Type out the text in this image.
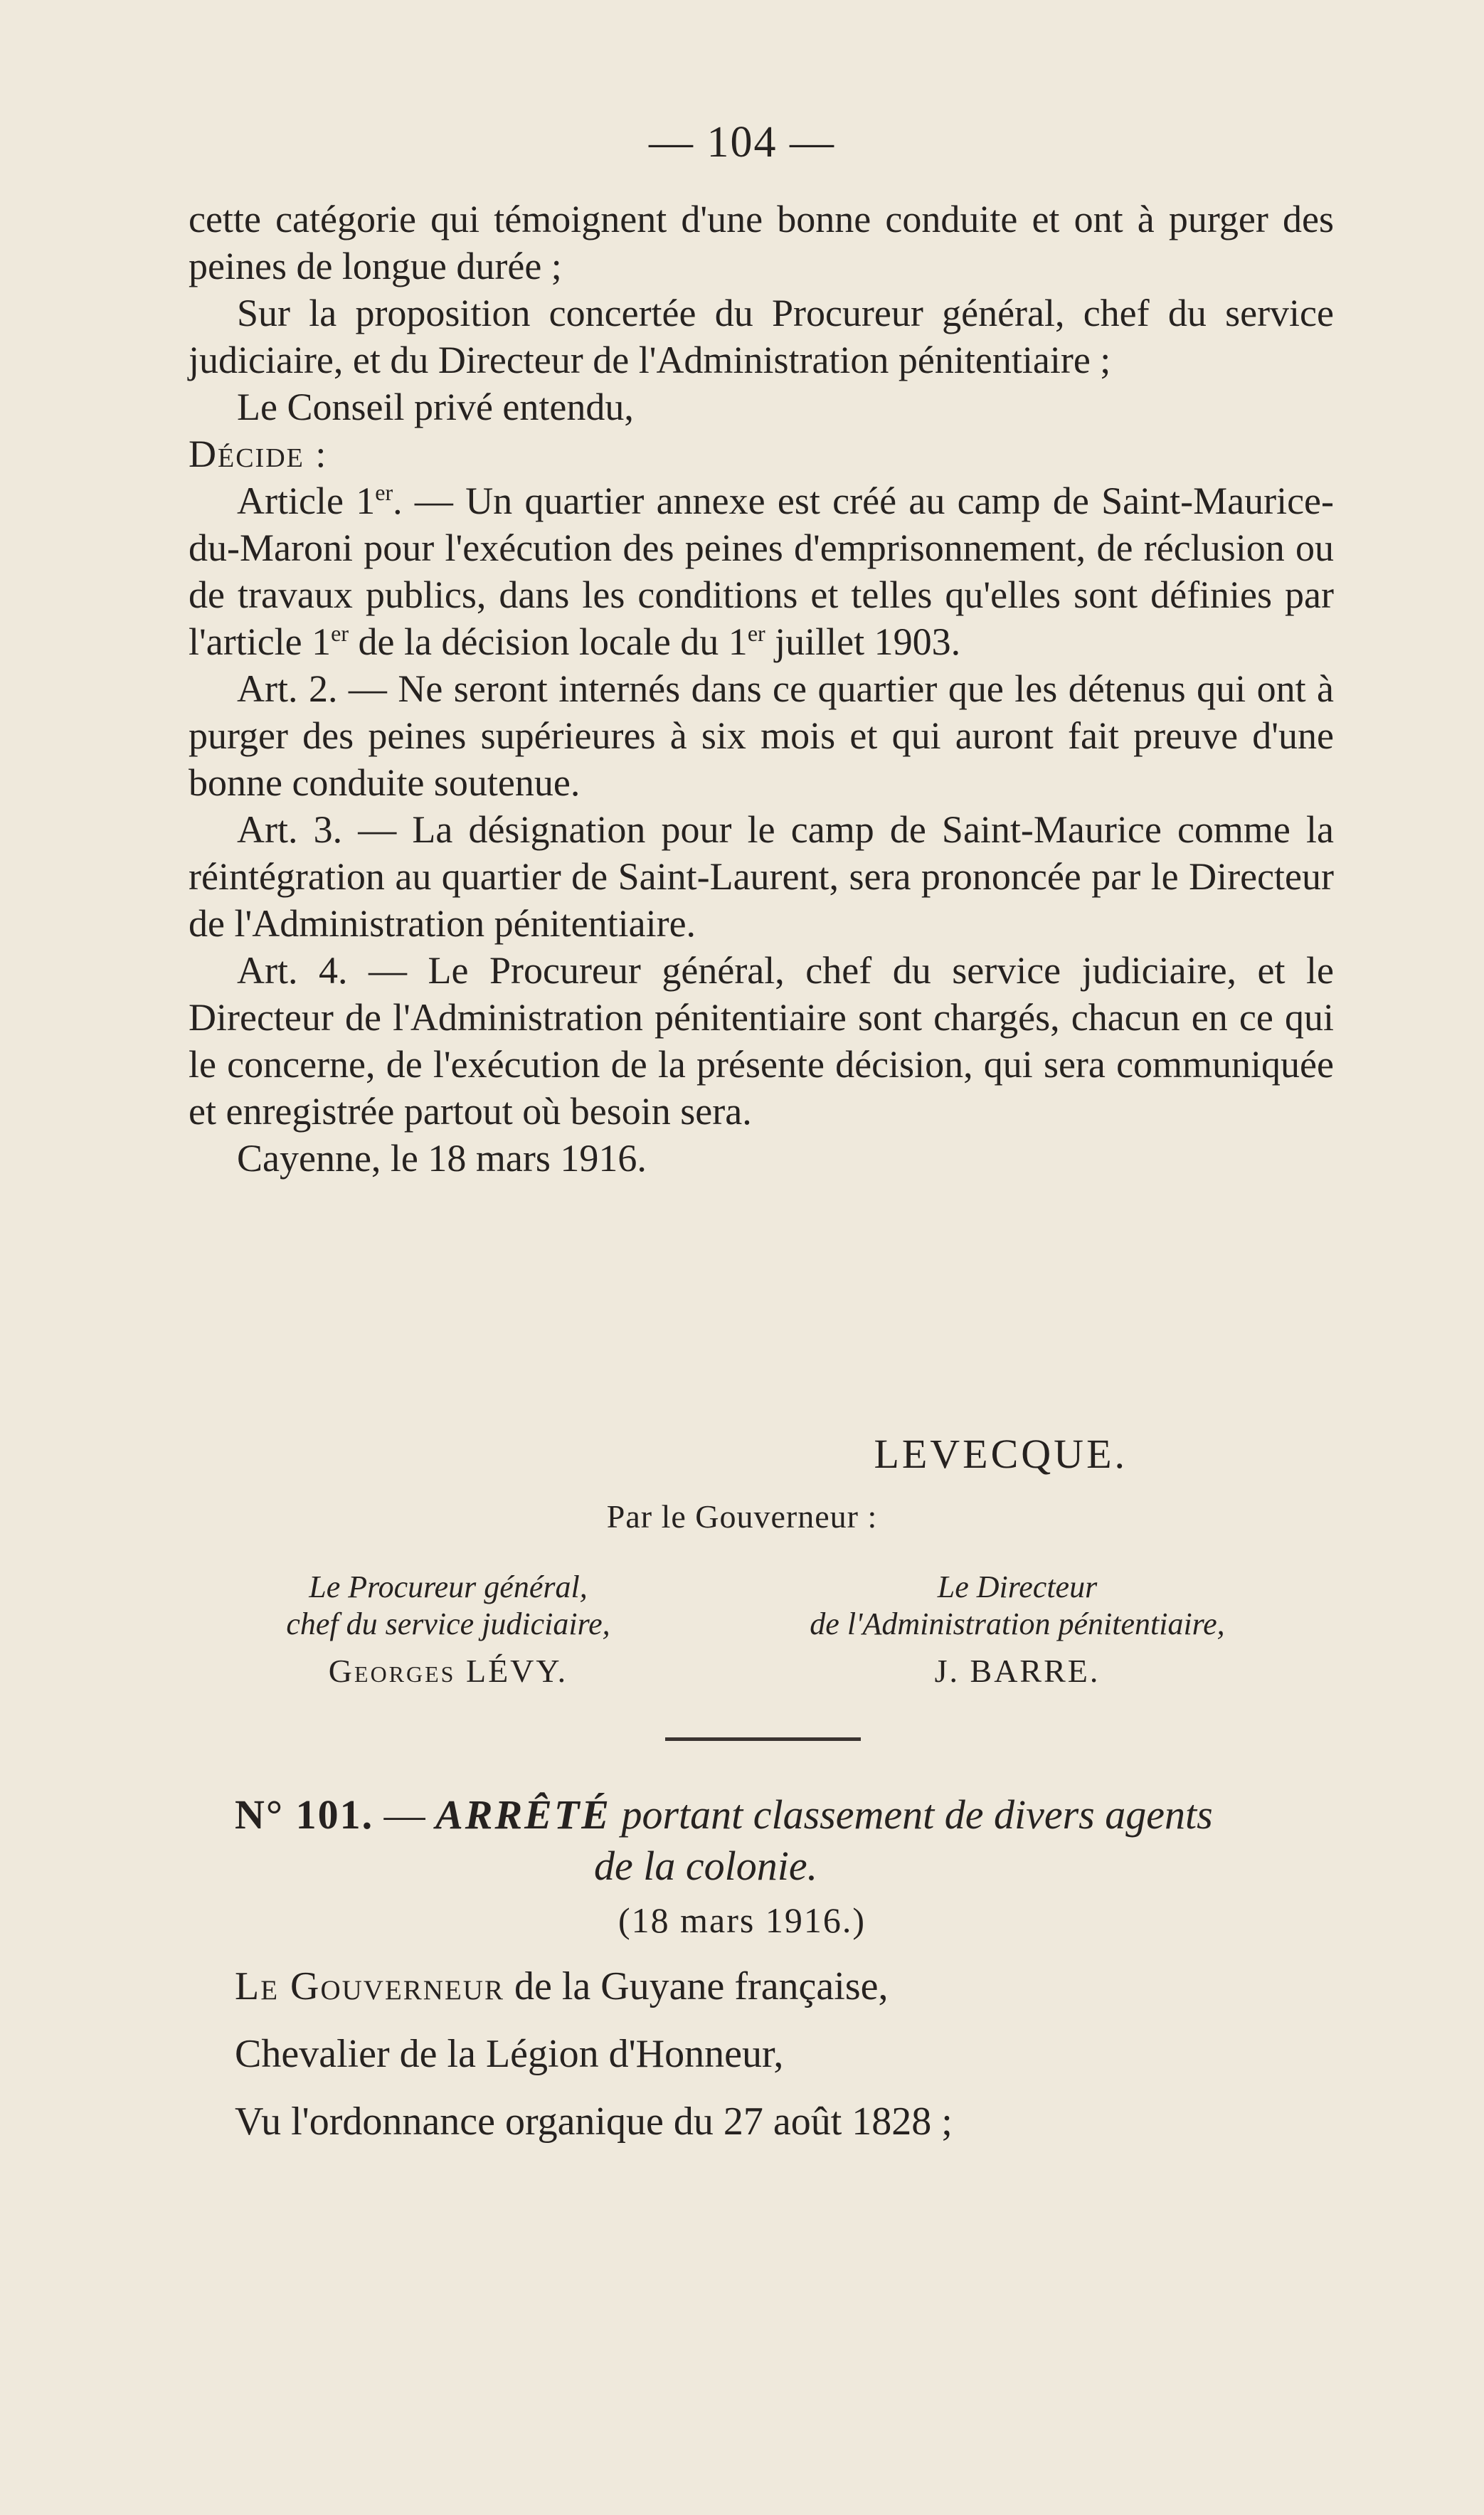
— 104 —

cette catégorie qui témoignent d'une bonne conduite et ont à purger des peines de longue durée ;

Sur la proposition concertée du Procureur général, chef du service judiciaire, et du Directeur de l'Administration pénitentiaire ;

Le Conseil privé entendu,

Décide :

Article 1er. — Un quartier annexe est créé au camp de Saint-Maurice-du-Maroni pour l'exécution des peines d'emprisonnement, de réclusion ou de travaux publics, dans les conditions et telles qu'elles sont définies par l'article 1er de la décision locale du 1er juillet 1903.

Art. 2. — Ne seront internés dans ce quartier que les détenus qui ont à purger des peines supérieures à six mois et qui auront fait preuve d'une bonne conduite soutenue.

Art. 3. — La désignation pour le camp de Saint-Maurice comme la réintégration au quartier de Saint-Laurent, sera prononcée par le Directeur de l'Administration pénitentiaire.

Art. 4. — Le Procureur général, chef du service judiciaire, et le Directeur de l'Administration pénitentiaire sont chargés, chacun en ce qui le concerne, de l'exécution de la présente décision, qui sera communiquée et enregistrée partout où besoin sera.

Cayenne, le 18 mars 1916.

LEVECQUE.
Par le Gouverneur :
Le Procureur général,
chef du service judiciaire,
Georges LÉVY.
Le Directeur
de l'Administration pénitentiaire,
J. BARRE.
N° 101. — ARRÊTÉ portant classement de divers agents
de la colonie.
(18 mars 1916.)
Le Gouverneur de la Guyane française,
Chevalier de la Légion d'Honneur,
Vu l'ordonnance organique du 27 août 1828 ;
